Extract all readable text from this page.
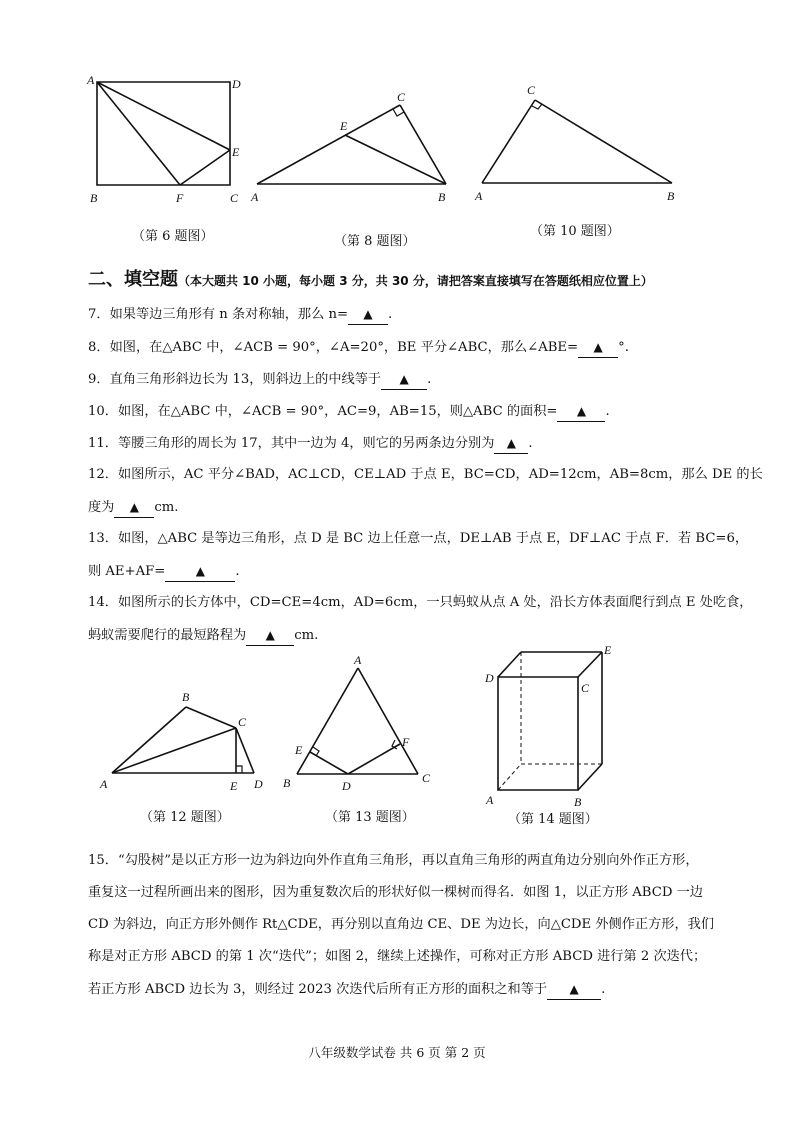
A	D
E
B	F	C
（第 6 题图）
C
E
A	B
（第 8 题图）
C
A	B
（第 10 题图）
二、填空题（本大题共 10 小题，每小题 3 分，共 30 分，请把答案直接填写在答题纸相应位置上）
7．如果等边三角形有 n 条对称轴，那么 n= ▲ .
8．如图，在△ABC 中，∠ACB = 90°，∠A=20°，BE 平分∠ABC，那么∠ABE= ▲ °.
9．直角三角形斜边长为 13，则斜边上的中线等于 ▲ .
10．如图，在△ABC 中，∠ACB = 90°，AC=9，AB=15，则△ABC 的面积= ▲ .
11．等腰三角形的周长为 17，其中一边为 4，则它的另两条边分别为 ▲ .
12．如图所示，AC 平分∠BAD，AC⊥CD，CE⊥AD 于点 E，BC=CD，AD=12cm，AB=8cm，那么 DE 的长
度为 ▲ cm.
13．如图，△ABC 是等边三角形，点 D 是 BC 边上任意一点，DE⊥AB 于点 E，DF⊥AC 于点 F．若 BC=6，
则 AE+AF=	▲ .
14．如图所示的长方体中，CD=CE=4cm，AD=6cm，一只蚂蚁从点 A 处，沿长方体表面爬行到点 E 处吃食，
蚂蚁需要爬行的最短路程为 ▲ cm.
B
C
A	E D
（第 12 题图）
A
E
F
B	D
C
（第 13 题图）
E
D
C
A	B
（第 14 题图）
15．“勾股树”是以正方形一边为斜边向外作直角三角形，再以直角三角形的两直角边分别向外作正方形，
重复这一过程所画出来的图形，因为重复数次后的形状好似一棵树而得名．如图 1，以正方形 ABCD 一边
CD 为斜边，向正方形外侧作 Rt△CDE，再分别以直角边 CE、DE 为边长，向△CDE 外侧作正方形，我们
称是对正方形 ABCD 的第 1 次“迭代”；如图 2，继续上述操作，可称对正方形 ABCD 进行第 2 次迭代；
若正方形 ABCD 边长为 3，则经过 2023 次迭代后所有正方形的面积之和等于 ▲ .
八年级数学试卷 共 6 页 第 2 页
